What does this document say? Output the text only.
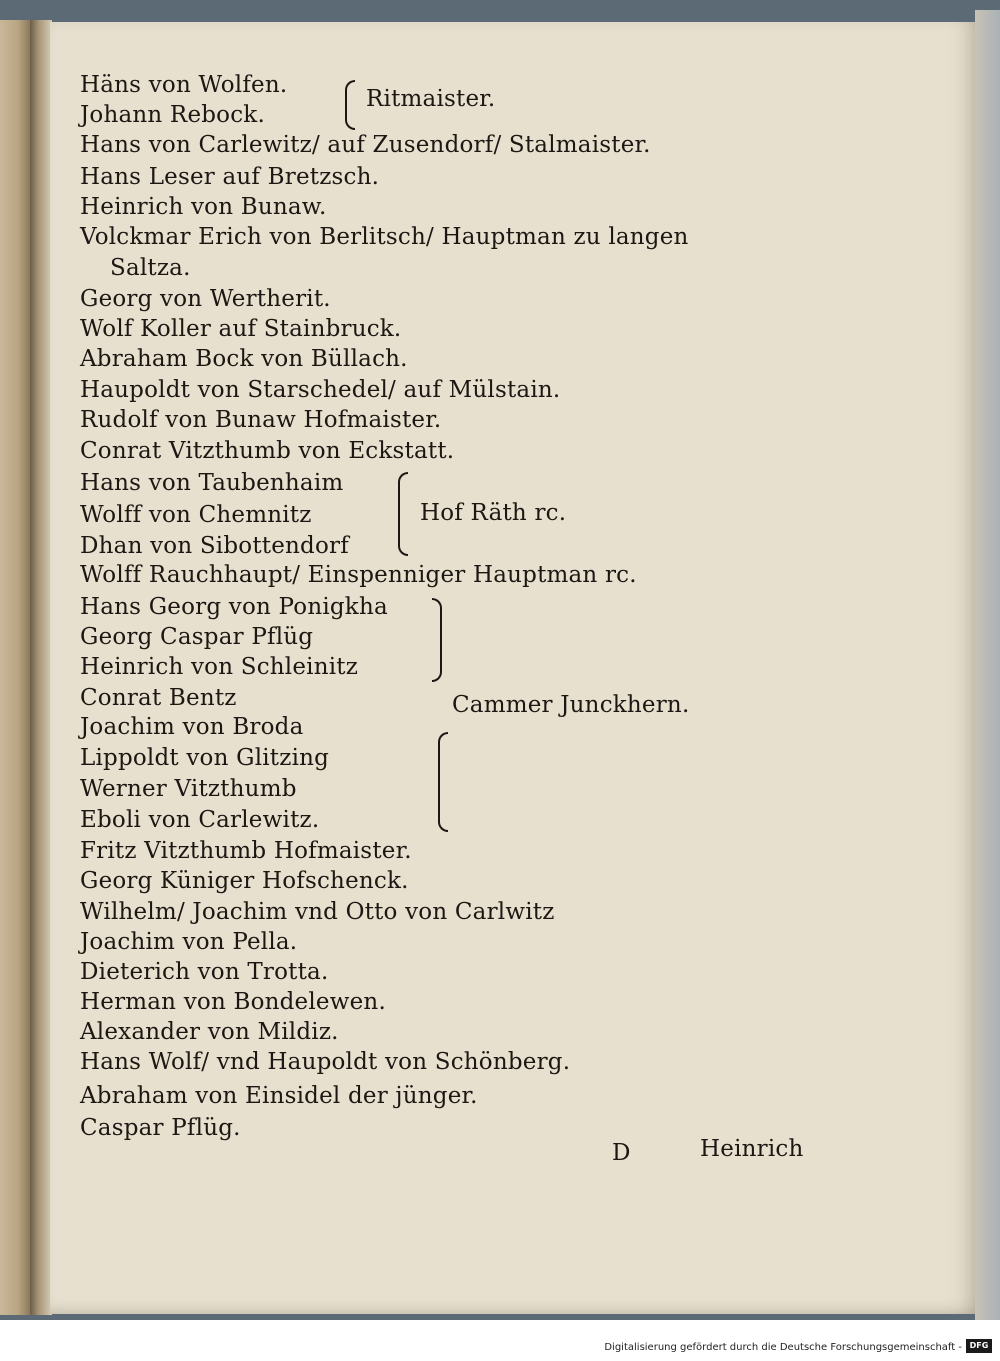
Häns von Wolfen.
Johann Rebock.
Hans von Carlewitz/ auf Zusendorf/ Stalmaister.
Hans Leser auf Bretzsch.
Heinrich von Bunaw.
Volckmar Erich von Berlitsch/ Hauptman zu langen
Saltza.
Georg von Wertherit.
Wolf Koller auf Stainbruck.
Abraham Bock von Büllach.
Haupoldt von Starschedel/ auf Mülstain.
Rudolf von Bunaw Hofmaister.
Conrat Vitzthumb von Eckstatt.
Hans von Taubenhaim
Wolff von Chemnitz
Dhan von Sibottendorf
Wolff Rauchhaupt/ Einspenniger Hauptman rc.
Hans Georg von Ponigkha
Georg Caspar Pflüg
Heinrich von Schleinitz
Conrat Bentz
Joachim von Broda
Lippoldt von Glitzing
Werner Vitzthumb
Eboli von Carlewitz.
Fritz Vitzthumb Hofmaister.
Georg Küniger Hofschenck.
Wilhelm/ Joachim vnd Otto von Carlwitz
Joachim von Pella.
Dieterich von Trotta.
Herman von Bondelewen.
Alexander von Mildiz.
Hans Wolf/ vnd Haupoldt von Schönberg.
Abraham von Einsidel der jünger.
Caspar Pflüg.
Ritmaister.
Hof Räth rc.
Cammer Junckhern.
D	Heinrich
Digitalisierung gefördert durch die Deutsche Forschungsgemeinschaft - DFG
